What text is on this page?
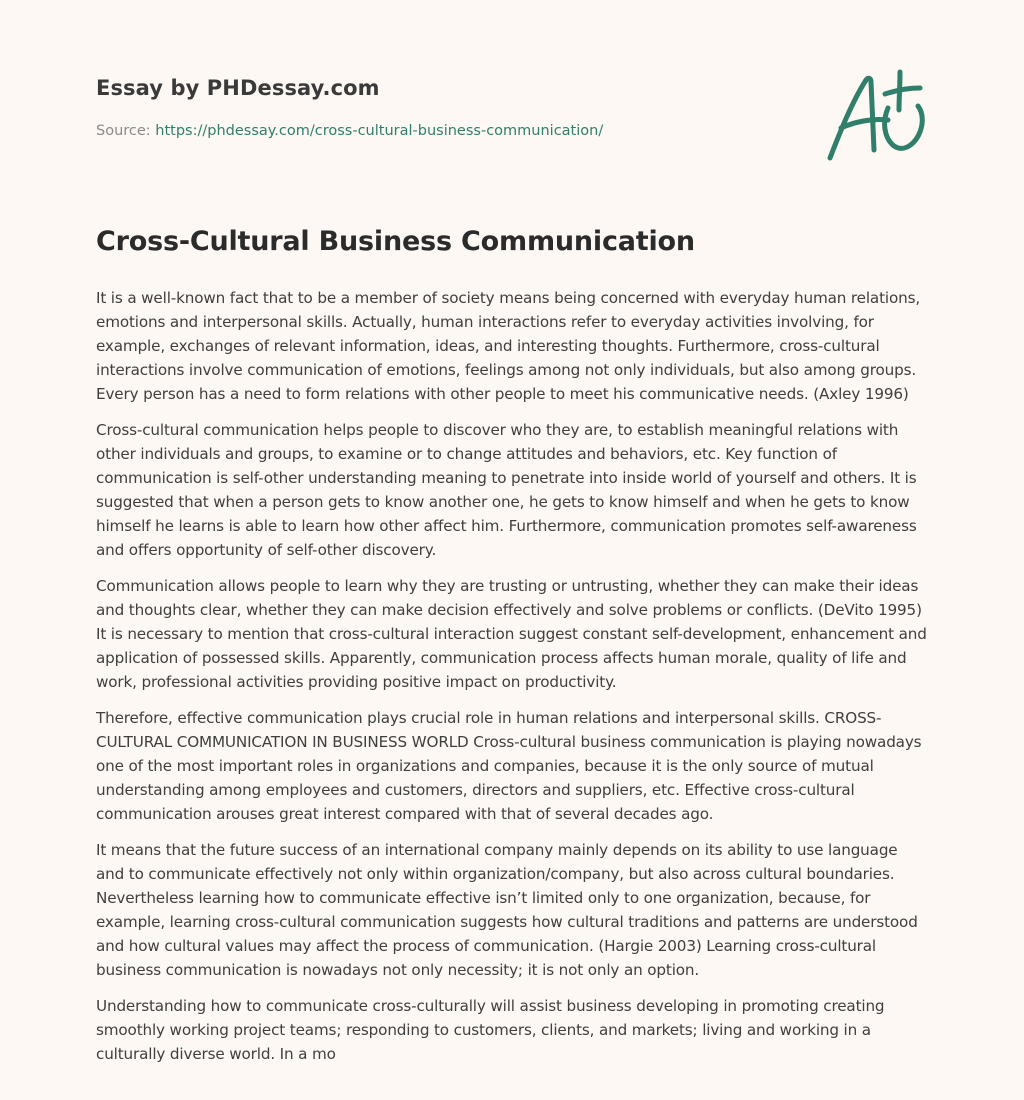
Essay by PHDessay.com
Source: https://phdessay.com/cross-cultural-business-communication/
Cross-Cultural Business Communication

It is a well-known fact that to be a member of society means being concerned with everyday human relations, emotions and interpersonal skills. Actually, human interactions refer to everyday activities involving, for example, exchanges of relevant information, ideas, and interesting thoughts. Furthermore, cross-cultural interactions involve communication of emotions, feelings among not only individuals, but also among groups. Every person has a need to form relations with other people to meet his communicative needs. (Axley 1996)

Cross-cultural communication helps people to discover who they are, to establish meaningful relations with other individuals and groups, to examine or to change attitudes and behaviors, etc. Key function of communication is self-other understanding meaning to penetrate into inside world of yourself and others. It is suggested that when a person gets to know another one, he gets to know himself and when he gets to know himself he learns is able to learn how other affect him. Furthermore, communication promotes self-awareness and offers opportunity of self-other discovery.

Communication allows people to learn why they are trusting or untrusting, whether they can make their ideas and thoughts clear, whether they can make decision effectively and solve problems or conflicts. (DeVito 1995) It is necessary to mention that cross-cultural interaction suggest constant self-development, enhancement and application of possessed skills. Apparently, communication process affects human morale, quality of life and work, professional activities providing positive impact on productivity.

Therefore, effective communication plays crucial role in human relations and interpersonal skills. CROSS-CULTURAL COMMUNICATION IN BUSINESS WORLD Cross-cultural business communication is playing nowadays one of the most important roles in organizations and companies, because it is the only source of mutual understanding among employees and customers, directors and suppliers, etc. Effective cross-cultural communication arouses great interest compared with that of several decades ago.

It means that the future success of an international company mainly depends on its ability to use language and to communicate effectively not only within organization/company, but also across cultural boundaries. Nevertheless learning how to communicate effective isn’t limited only to one organization, because, for example, learning cross-cultural communication suggests how cultural traditions and patterns are understood and how cultural values may affect the process of communication. (Hargie 2003) Learning cross-cultural business communication is nowadays not only necessity; it is not only an option.

Understanding how to communicate cross-culturally will assist business developing in promoting creating smoothly working project teams; responding to customers, clients, and markets; living and working in a culturally diverse world. In a mo
